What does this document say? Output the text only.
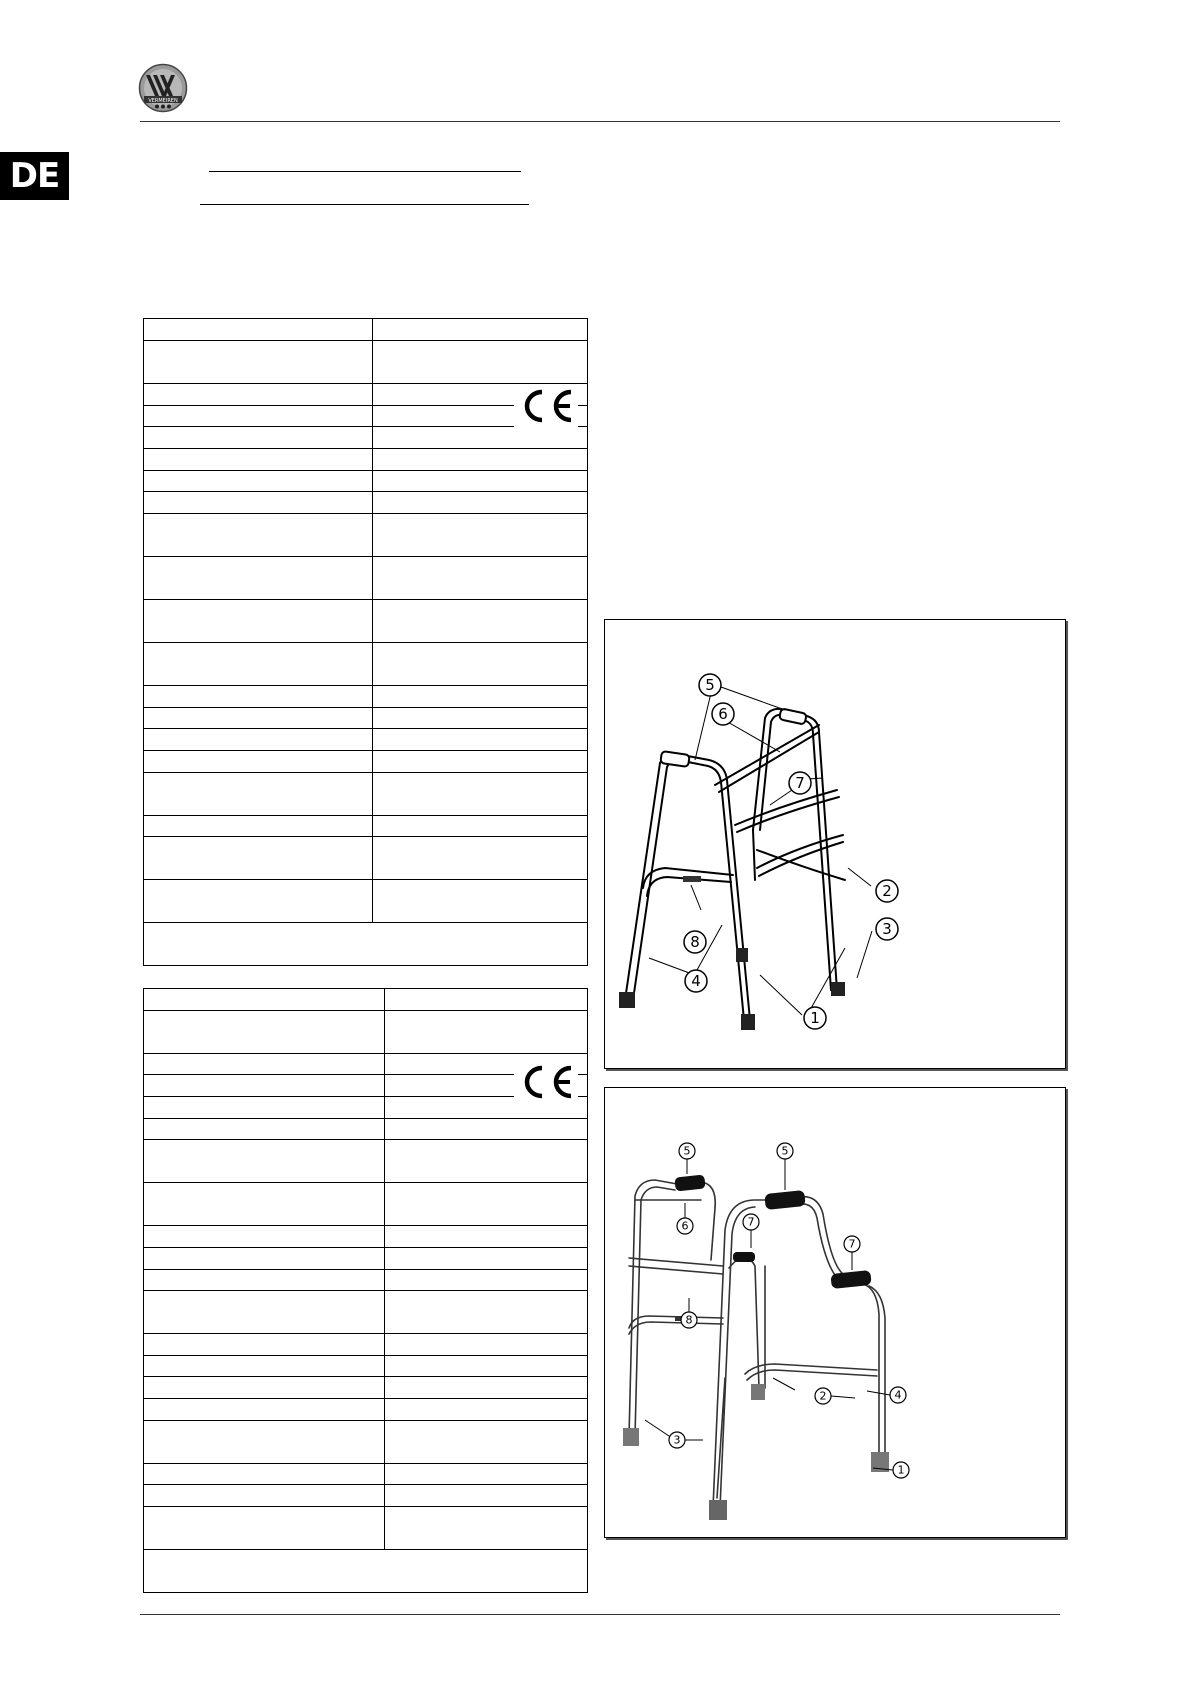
VERMEIREN
DE

5
6
7
2
3
8
4
1
5	5
6	7
7
8
4
2
3
1
